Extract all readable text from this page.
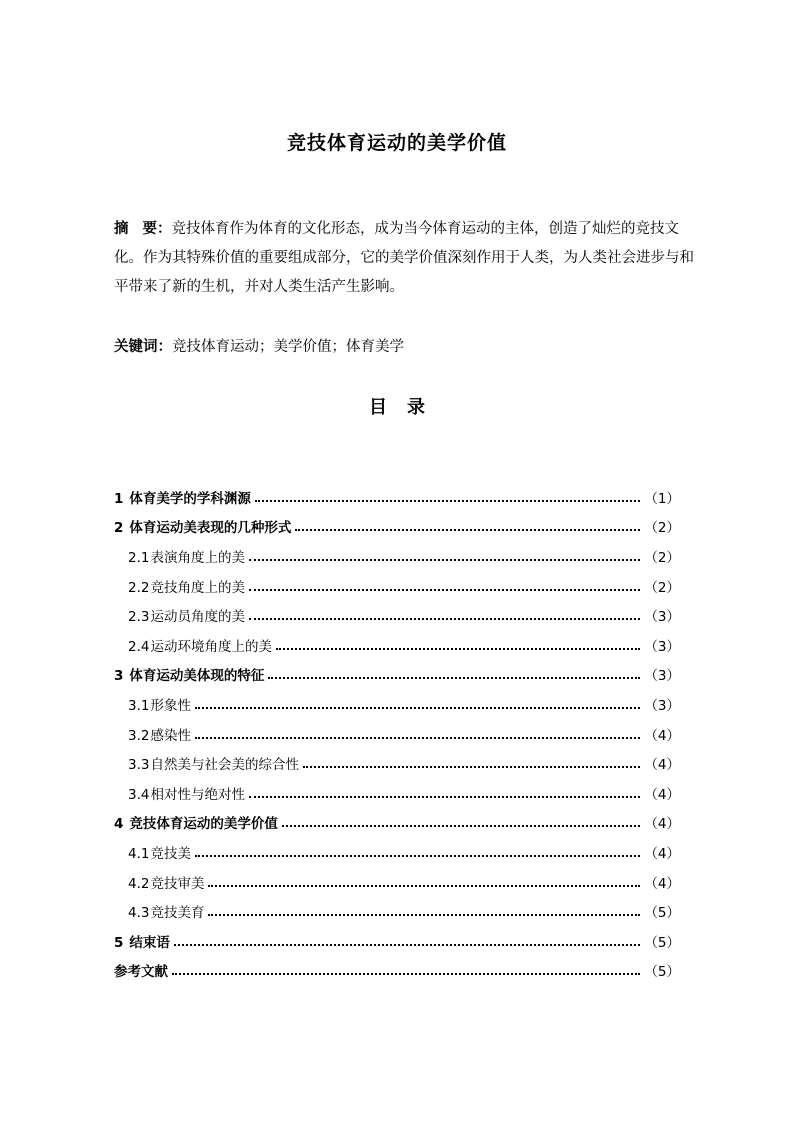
竞技体育运动的美学价值
摘 要：竞技体育作为体育的文化形态，成为当今体育运动的主体，创造了灿烂的竞技文化。作为其特殊价值的重要组成部分，它的美学价值深刻作用于人类，为人类社会进步与和平带来了新的生机，并对人类生活产生影响。
关键词：竞技体育运动；美学价值；体育美学
目 录
1 体育美学的学科渊源	（1）
2 体育运动美表现的几种形式	（2）
2.1表演角度上的美	（2）
2.2竞技角度上的美	（2）
2.3运动员角度的美	（3）
2.4运动环境角度上的美	（3）
3 体育运动美体现的特征	（3）
3.1形象性	（3）
3.2感染性	（4）
3.3自然美与社会美的综合性	（4）
3.4相对性与绝对性	（4）
4 竞技体育运动的美学价值	（4）
4.1竞技美	（4）
4.2竞技审美	（4）
4.3竞技美育	（5）
5 结束语	（5）
参考文献	（5）
